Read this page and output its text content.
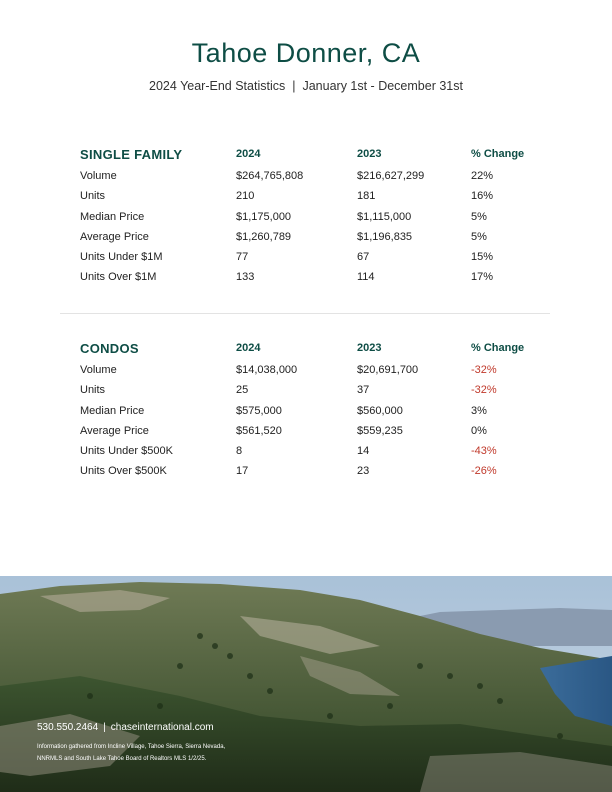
Tahoe Donner, CA
2024 Year-End Statistics | January 1st - December 31st
SINGLE FAMILY	2024	2023	% Change
Volume	$264,765,808	$216,627,299	22%
Units	210	181	16%
Median Price	$1,175,000	$1,115,000	5%
Average Price	$1,260,789	$1,196,835	5%
Units Under $1M	77	67	15%
Units Over $1M	133	114	17%
CONDOS	2024	2023	% Change
Volume	$14,038,000	$20,691,700	-32%
Units	25	37	-32%
Median Price	$575,000	$560,000	3%
Average Price	$561,520	$559,235	0%
Units Under $500K	8	14	-43%
Units Over $500K	17	23	-26%
530.550.2464 | chaseinternational.com
Information gathered from Incline Village, Tahoe Sierra, Sierra Nevada,
NNRMLS and South Lake Tahoe Board of Realtors MLS 1/2/25.
